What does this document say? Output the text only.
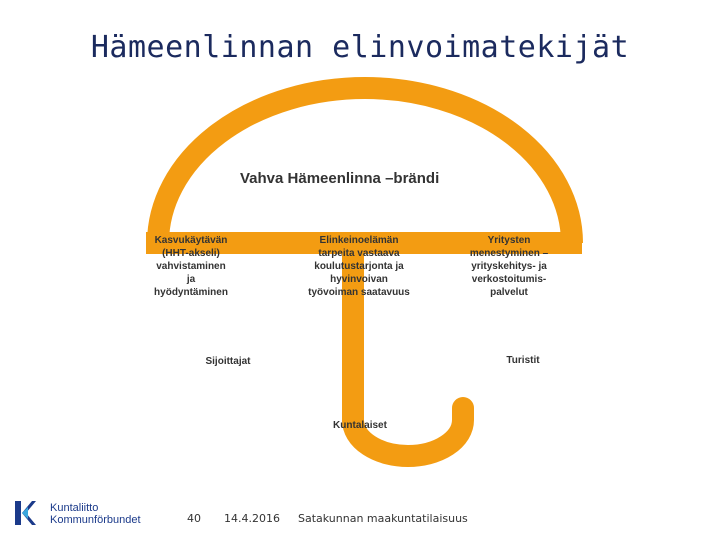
Hämeenlinnan elinvoimatekijät
Vahva Hämeenlinna –brändi
Kasvukäytävän
(HHT-akseli)
vahvistaminen
ja
hyödyntäminen
Elinkeinoelämän
tarpeita vastaava
koulutustarjonta ja
hyvinvoivan
työvoiman saatavuus
Yritysten
menestyminen –
yrityskehitys- ja
verkostoitumis-
palvelut
Sijoittajat	Turistit
Kuntalaiset
Kuntaliitto
Kommunförbundet	40 14.4.2016 Satakunnan maakuntatilaisuus
